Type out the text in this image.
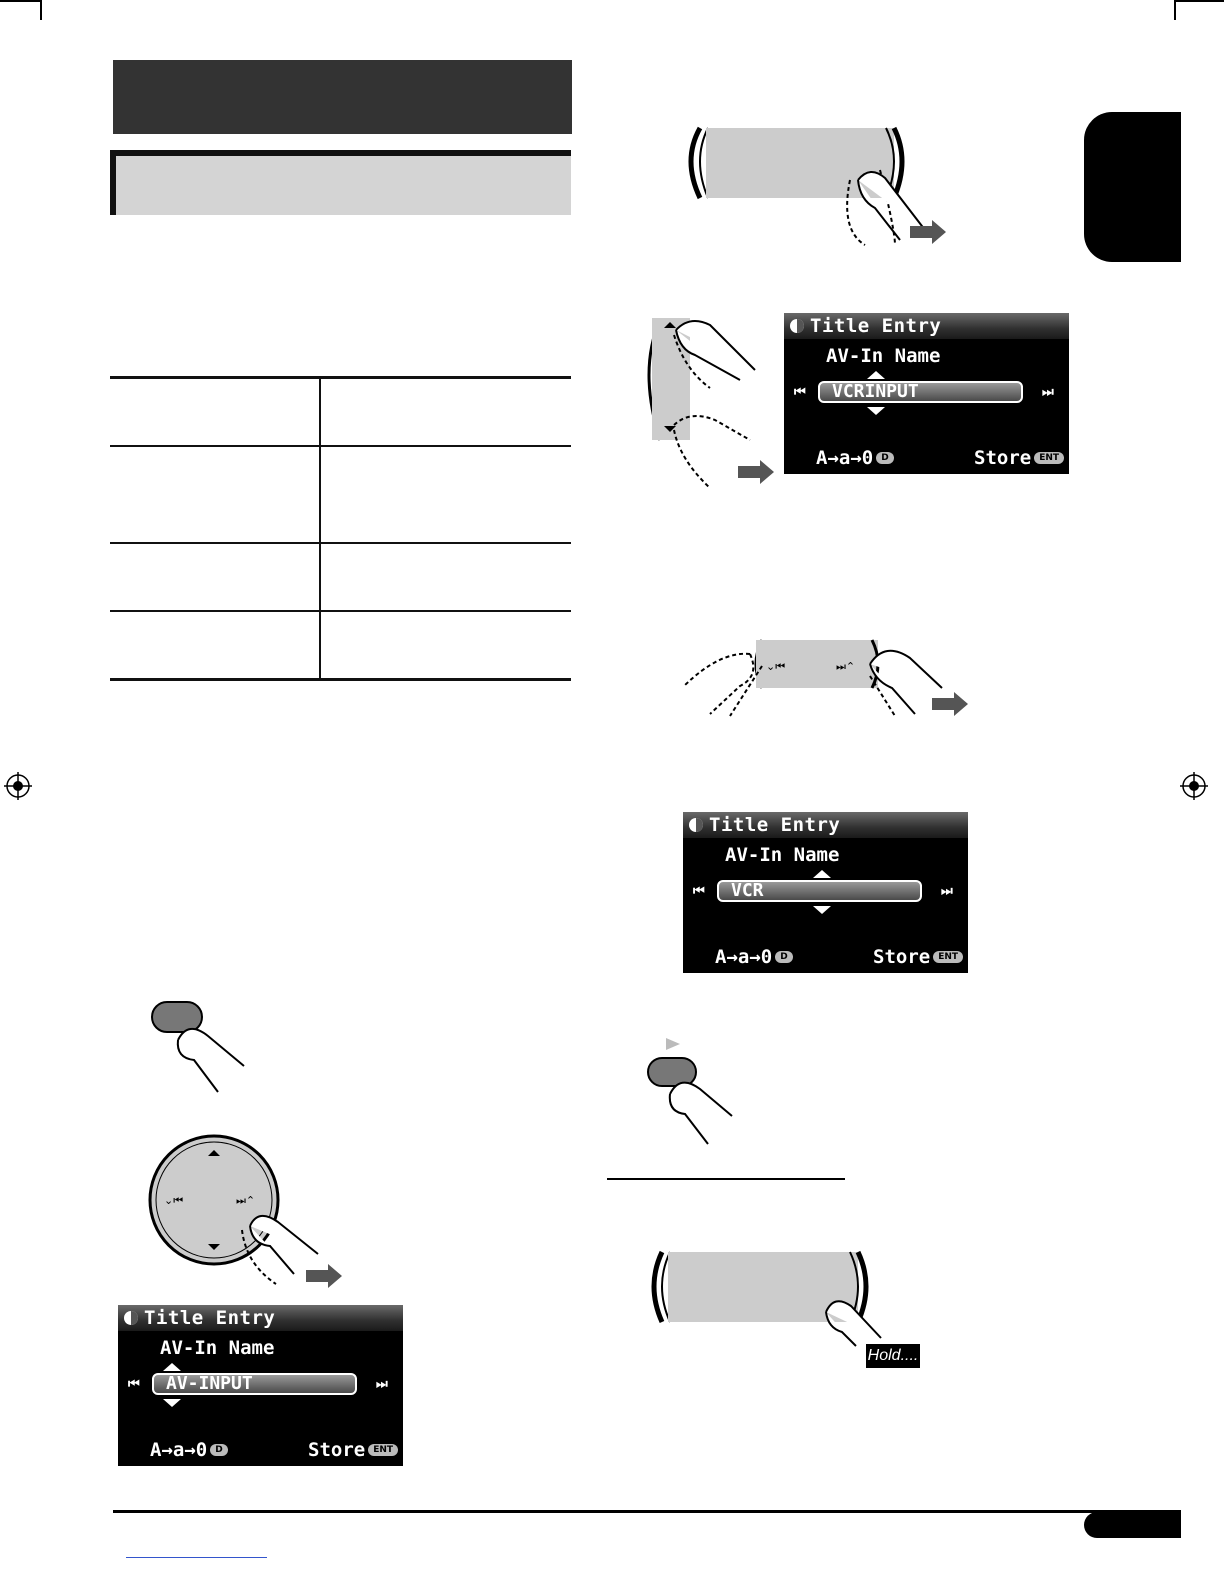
Title Entry
AV-In Name
⏮	VCRINPUT	⏭
A→a→0 D	Store ENT
⌄⏮	⏭⌃
Title Entry
AV-In Name
⏮	VCR	⏭
A→a→0 D	Store ENT
Hold....
⌄⏮	⏭⌃
Title Entry
AV-In Name
⏮	AV-INPUT	⏭
A→a→0 D	Store ENT
